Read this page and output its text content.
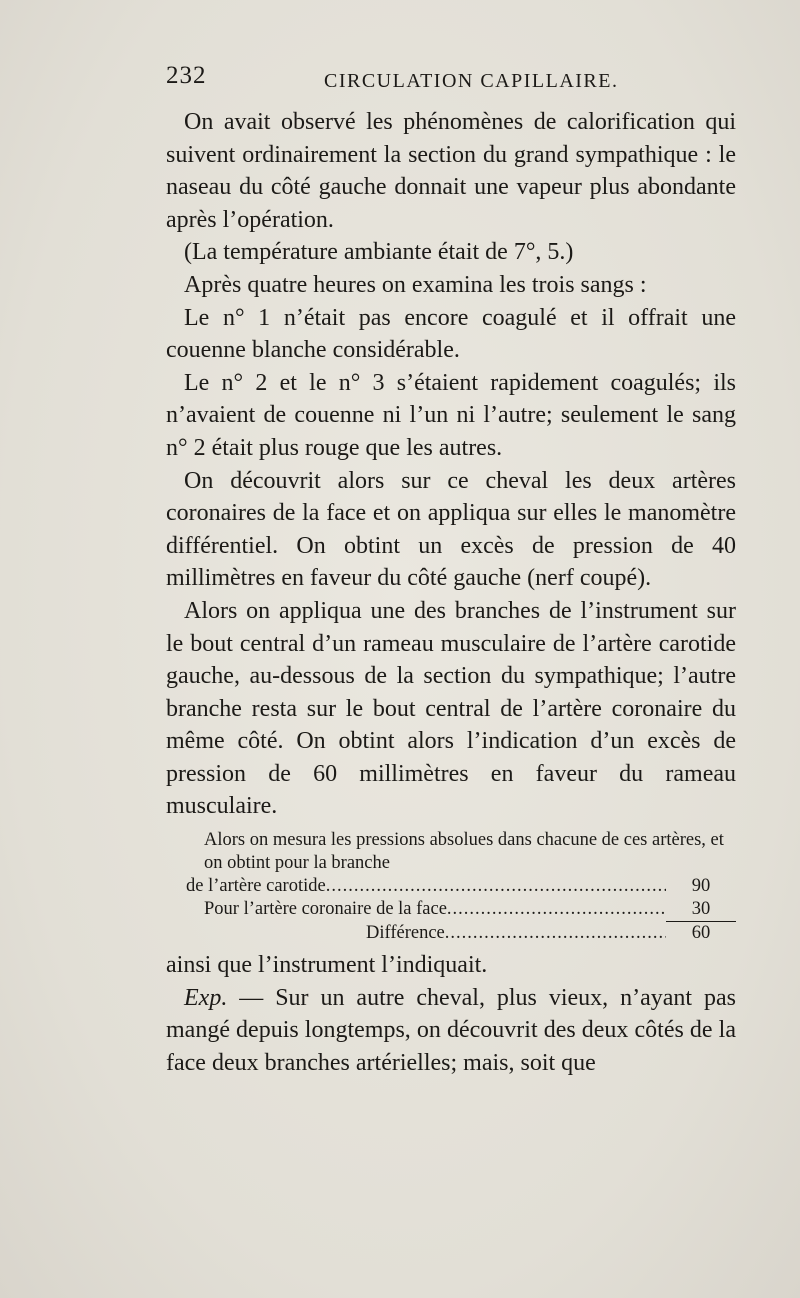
232	CIRCULATION CAPILLAIRE.

On avait observé les phénomènes de calorification qui suivent ordinairement la section du grand sympathique : le naseau du côté gauche donnait une vapeur plus abondante après l’opération.

(La température ambiante était de 7°, 5.)

Après quatre heures on examina les trois sangs :

Le n° 1 n’était pas encore coagulé et il offrait une couenne blanche considérable.

Le n° 2 et le n° 3 s’étaient rapidement coagulés; ils n’avaient de couenne ni l’un ni l’autre; seulement le sang n° 2 était plus rouge que les autres.

On découvrit alors sur ce cheval les deux artères coronaires de la face et on appliqua sur elles le manomètre différentiel. On obtint un excès de pression de 40 millimètres en faveur du côté gauche (nerf coupé).

Alors on appliqua une des branches de l’instrument sur le bout central d’un rameau musculaire de l’artère carotide gauche, au-dessous de la section du sympathique; l’autre branche resta sur le bout central de l’artère coronaire du même côté. On obtint alors l’indication d’un excès de pression de 60 millimètres en faveur du rameau musculaire.

Alors on mesura les pressions absolues dans chacune de ces artères, et on obtint pour la branche

de l’artère carotide .....	90
Pour l’artère coronaire de la face .....	30
Différence .....	60

ainsi que l’instrument l’indiquait.

Exp. — Sur un autre cheval, plus vieux, n’ayant pas mangé depuis longtemps, on découvrit des deux côtés de la face deux branches artérielles; mais, soit que
